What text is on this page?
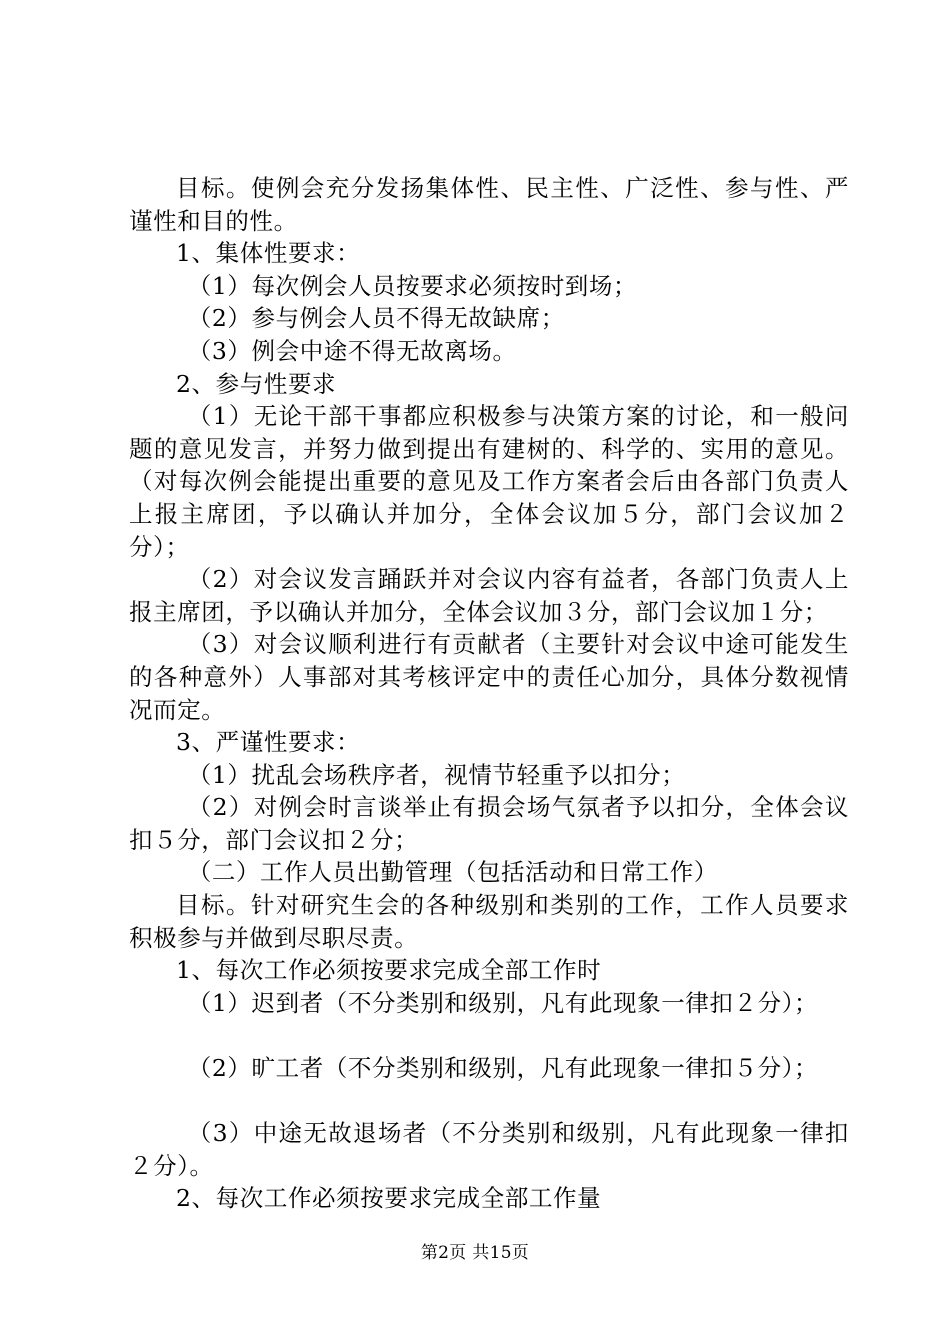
目标。使例会充分发扬集体性、民主性、广泛性、参与性、严谨性和目的性。
1、集体性要求：
（1）每次例会人员按要求必须按时到场；
（2）参与例会人员不得无故缺席；
（3）例会中途不得无故离场。
2、参与性要求
（1）无论干部干事都应积极参与决策方案的讨论，和一般问题的意见发言，并努力做到提出有建树的、科学的、实用的意见。（对每次例会能提出重要的意见及工作方案者会后由各部门负责人上报主席团，予以确认并加分，全体会议加５分，部门会议加２分）；
（2）对会议发言踊跃并对会议内容有益者，各部门负责人上报主席团，予以确认并加分，全体会议加３分，部门会议加１分；
（3）对会议顺利进行有贡献者（主要针对会议中途可能发生的各种意外）人事部对其考核评定中的责任心加分，具体分数视情况而定。
3、严谨性要求：
（1）扰乱会场秩序者，视情节轻重予以扣分；
（2）对例会时言谈举止有损会场气氛者予以扣分，全体会议扣５分，部门会议扣２分；
（二）工作人员出勤管理（包括活动和日常工作）
目标。针对研究生会的各种级别和类别的工作，工作人员要求积极参与并做到尽职尽责。
1、每次工作必须按要求完成全部工作时
（1）迟到者（不分类别和级别，凡有此现象一律扣２分）；
（2）旷工者（不分类别和级别，凡有此现象一律扣５分）；
（3）中途无故退场者（不分类别和级别，凡有此现象一律扣２分）。
2、每次工作必须按要求完成全部工作量
第2页 共15页
